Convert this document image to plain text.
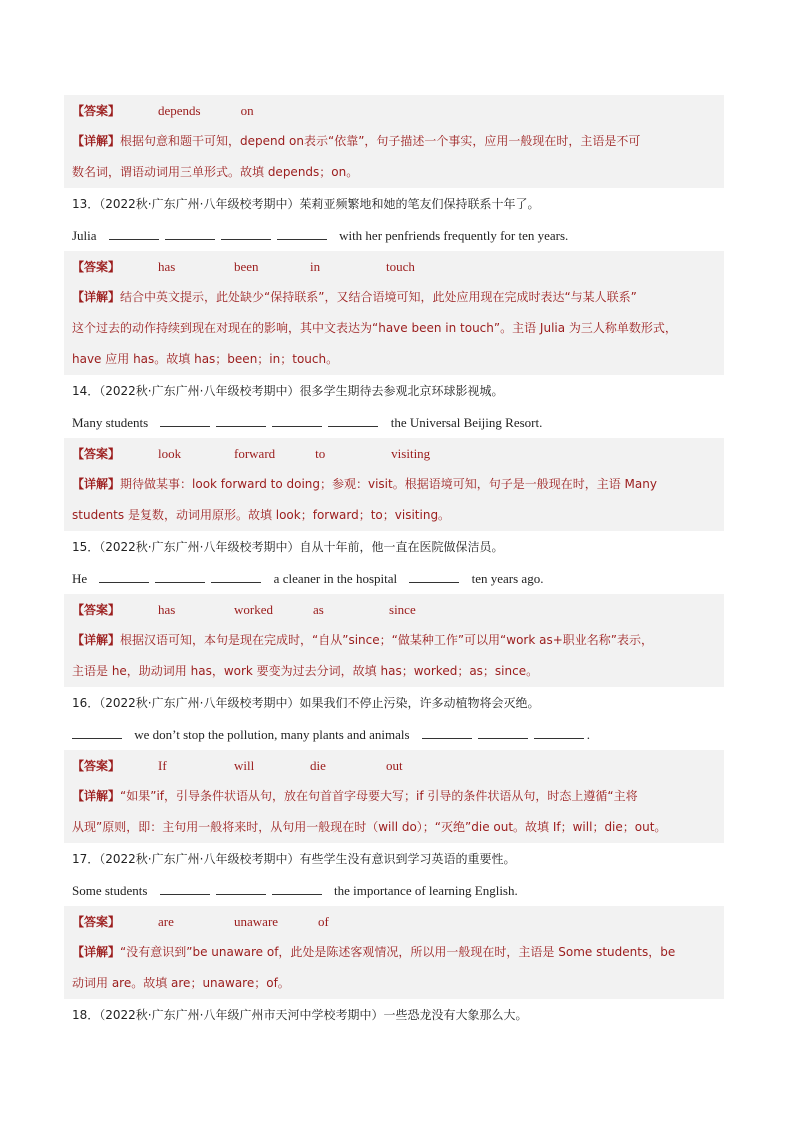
【答案】	depends	on
【详解】根据句意和题干可知，depend on表示“依靠”，句子描述一个事实，应用一般现在时，主语是不可
数名词，谓语动词用三单形式。故填 depends；on。
13．（2022秋·广东广州·八年级校考期中）茱莉亚频繁地和她的笔友们保持联系十年了。
Julia	with her penfriends frequently for ten years.
【答案】	has	been	in	touch
【详解】结合中英文提示，此处缺少“保持联系”，又结合语境可知，此处应用现在完成时表达“与某人联系”
这个过去的动作持续到现在对现在的影响，其中文表达为“have been in touch”。主语 Julia 为三人称单数形式，
have 应用 has。故填 has；been；in；touch。
14．（2022秋·广东广州·八年级校考期中）很多学生期待去参观北京环球影视城。
Many students	the Universal Beijing Resort.
【答案】	look	forward	to	visiting
【详解】期待做某事：look forward to doing；参观：visit。根据语境可知，句子是一般现在时，主语 Many
students 是复数，动词用原形。故填 look；forward；to；visiting。
15．（2022秋·广东广州·八年级校考期中）自从十年前，他一直在医院做保洁员。
He	a cleaner in the hospital	ten years ago.
【答案】	has	worked	as	since
【详解】根据汉语可知，本句是现在完成时，“自从”since；“做某种工作”可以用“work as+职业名称”表示，
主语是 he，助动词用 has，work 要变为过去分词，故填 has；worked；as；since。
16．（2022秋·广东广州·八年级校考期中）如果我们不停止污染，许多动植物将会灭绝。
we don’t stop the pollution, many plants and animals	.
【答案】	If	will	die	out
【详解】“如果”if，引导条件状语从句，放在句首首字母要大写；if 引导的条件状语从句，时态上遵循“主将
从现”原则，即：主句用一般将来时，从句用一般现在时（will do）；“灭绝”die out。故填 If；will；die；out。
17．（2022秋·广东广州·八年级校考期中）有些学生没有意识到学习英语的重要性。
Some students	the importance of learning English.
【答案】	are	unaware	of
【详解】“没有意识到”be unaware of，此处是陈述客观情况，所以用一般现在时，主语是 Some students，be
动词用 are。故填 are；unaware；of。
18．（2022秋·广东广州·八年级广州市天河中学校考期中）一些恐龙没有大象那么大。
